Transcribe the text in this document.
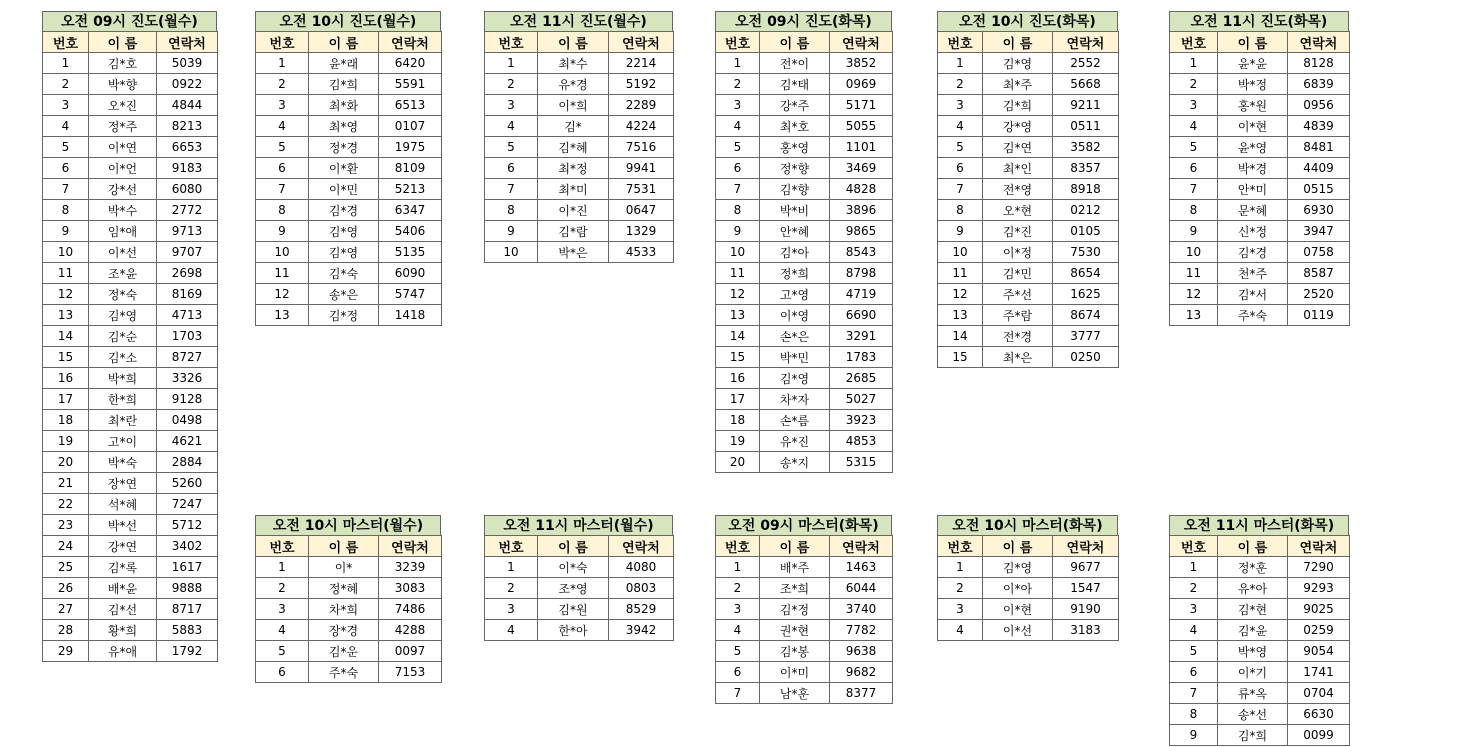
오전 09시 진도(월수)
번호	이 름	연락처
1	김*호	5039
2	박*향	0922
3	오*진	4844
4	정*주	8213
5	이*연	6653
6	이*언	9183
7	강*선	6080
8	박*수	2772
9	임*애	9713
10	이*선	9707
11	조*윤	2698
12	정*숙	8169
13	김*영	4713
14	김*순	1703
15	김*소	8727
16	박*희	3326
17	한*희	9128
18	최*란	0498
19	고*이	4621
20	박*숙	2884
21	장*연	5260
22	석*혜	7247
23	박*선	5712
24	강*연	3402
25	김*록	1617
26	배*윤	9888
27	김*선	8717
28	황*희	5883
29	유*애	1792
오전 10시 진도(월수)
번호	이 름	연락처
1	윤*래	6420
2	김*희	5591
3	최*화	6513
4	최*영	0107
5	정*경	1975
6	이*환	8109
7	이*민	5213
8	김*경	6347
9	김*영	5406
10	김*영	5135
11	김*숙	6090
12	송*은	5747
13	김*정	1418
오전 11시 진도(월수)
번호	이 름	연락처
1	최*수	2214
2	유*경	5192
3	이*희	2289
4	김*	4224
5	김*혜	7516
6	최*정	9941
7	최*미	7531
8	이*진	0647
9	김*람	1329
10	박*은	4533
오전 09시 진도(화목)
번호	이 름	연락처
1	전*이	3852
2	김*태	0969
3	강*주	5171
4	최*호	5055
5	홍*영	1101
6	정*향	3469
7	김*향	4828
8	박*비	3896
9	안*혜	9865
10	김*아	8543
11	정*희	8798
12	고*영	4719
13	이*영	6690
14	손*은	3291
15	박*민	1783
16	김*영	2685
17	차*자	5027
18	손*름	3923
19	유*진	4853
20	송*지	5315
오전 10시 진도(화목)
번호	이 름	연락처
1	김*영	2552
2	최*주	5668
3	김*희	9211
4	강*영	0511
5	김*연	3582
6	최*인	8357
7	전*영	8918
8	오*현	0212
9	김*진	0105
10	이*정	7530
11	김*민	8654
12	주*선	1625
13	주*람	8674
14	전*경	3777
15	최*은	0250
오전 11시 진도(화목)
번호	이 름	연락처
1	윤*윤	8128
2	박*정	6839
3	홍*원	0956
4	이*현	4839
5	윤*영	8481
6	박*경	4409
7	안*미	0515
8	문*혜	6930
9	신*정	3947
10	김*경	0758
11	천*주	8587
12	김*서	2520
13	주*숙	0119
오전 10시 마스터(월수)
번호	이 름	연락처
1	이*	3239
2	정*혜	3083
3	차*희	7486
4	장*경	4288
5	김*운	0097
6	주*숙	7153
오전 11시 마스터(월수)
번호	이 름	연락처
1	이*숙	4080
2	조*영	0803
3	김*원	8529
4	한*아	3942
오전 09시 마스터(화목)
번호	이 름	연락처
1	배*주	1463
2	조*희	6044
3	김*정	3740
4	권*현	7782
5	김*봉	9638
6	이*미	9682
7	남*훈	8377
오전 10시 마스터(화목)
번호	이 름	연락처
1	김*영	9677
2	이*아	1547
3	이*현	9190
4	이*선	3183
오전 11시 마스터(화목)
번호	이 름	연락처
1	정*훈	7290
2	유*아	9293
3	김*현	9025
4	김*윤	0259
5	박*영	9054
6	이*기	1741
7	류*옥	0704
8	송*선	6630
9	김*희	0099
